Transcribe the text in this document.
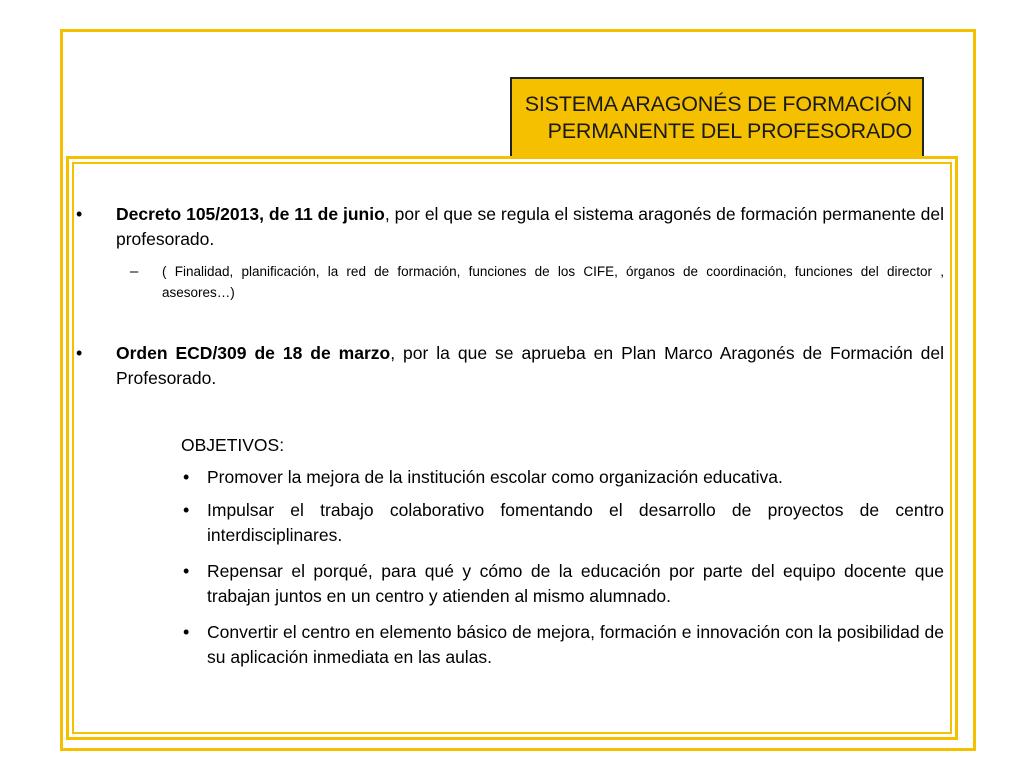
SISTEMA ARAGONÉS DE FORMACIÓN
PERMANENTE DEL PROFESORADO
• Decreto 105/2013, de 11 de junio, por el que se regula el sistema aragonés de formación permanente del profesorado.
– ( Finalidad, planificación, la red de formación, funciones de los CIFE, órganos de coordinación, funciones del director , asesores…)
• Orden ECD/309 de 18 de marzo, por la que se aprueba en Plan Marco Aragonés de Formación del Profesorado.
OBJETIVOS:
• Promover la mejora de la institución escolar como organización educativa.
• Impulsar el trabajo colaborativo fomentando el desarrollo de proyectos de centro interdisciplinares.
• Repensar el porqué, para qué y cómo de la educación por parte del equipo docente que trabajan juntos en un centro y atienden al mismo alumnado.
• Convertir el centro en elemento básico de mejora, formación e innovación con la posibilidad de su aplicación inmediata en las aulas.
